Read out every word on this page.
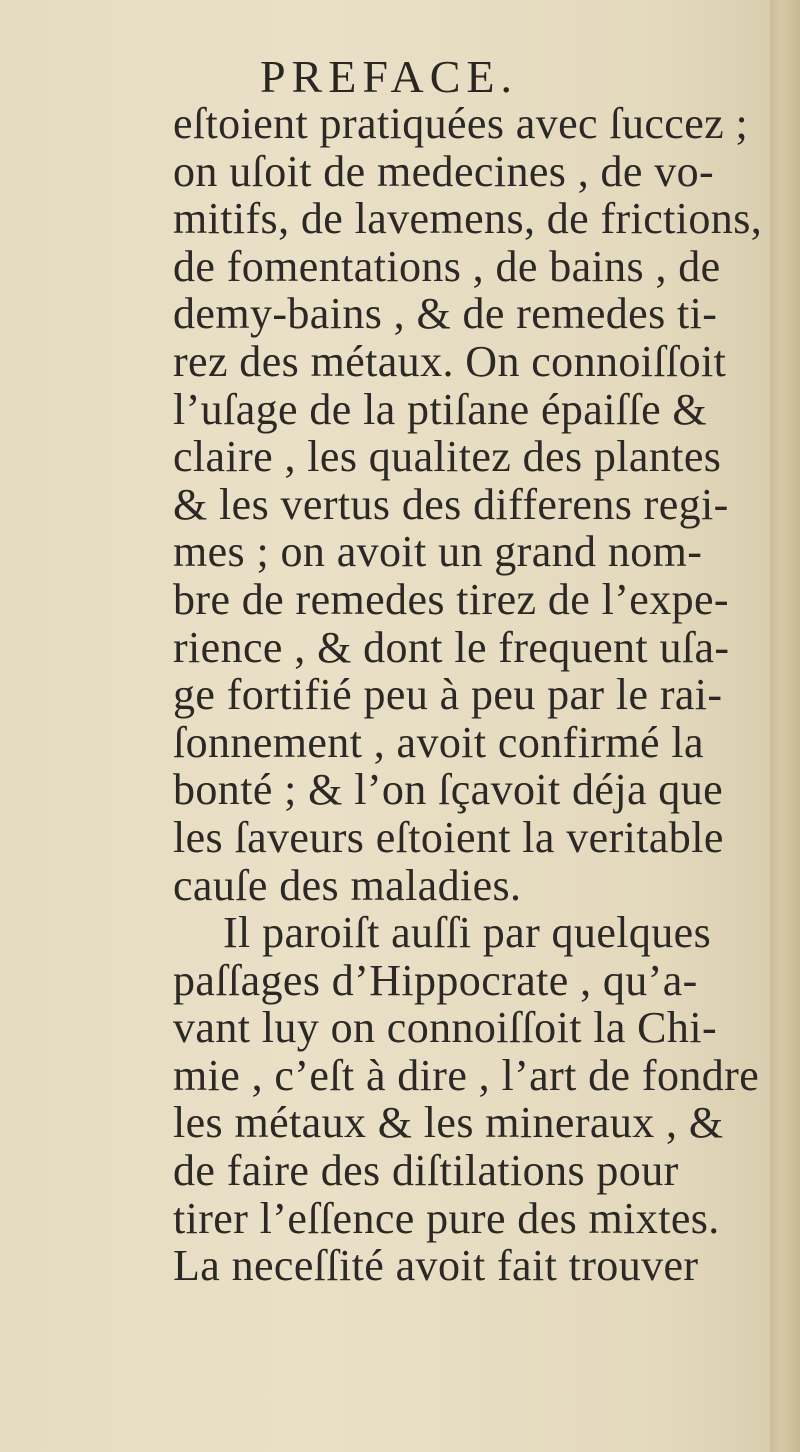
PREFACE.
eſtoient pratiquées avec ſuccez ;
on uſoit de medecines , de vo-
mitifs, de lavemens, de frictions,
de fomentations , de bains , de
demy-bains , & de remedes ti-
rez des métaux. On connoiſſoit
l’uſage de la ptiſane épaiſſe &
claire , les qualitez des plantes
& les vertus des differens regi-
mes ; on avoit un grand nom-
bre de remedes tirez de l’expe-
rience , & dont le frequent uſa-
ge fortifié peu à peu par le rai-
ſonnement , avoit confirmé la
bonté ; & l’on ſçavoit déja que
les ſaveurs eſtoient la veritable
cauſe des maladies.
Il paroiſt auſſi par quelques
paſſages d’Hippocrate , qu’a-
vant luy on connoiſſoit la Chi-
mie , c’eſt à dire , l’art de fondre
les métaux & les mineraux , &
de faire des diſtilations pour
tirer l’eſſence pure des mixtes.
La neceſſité avoit fait trouver
